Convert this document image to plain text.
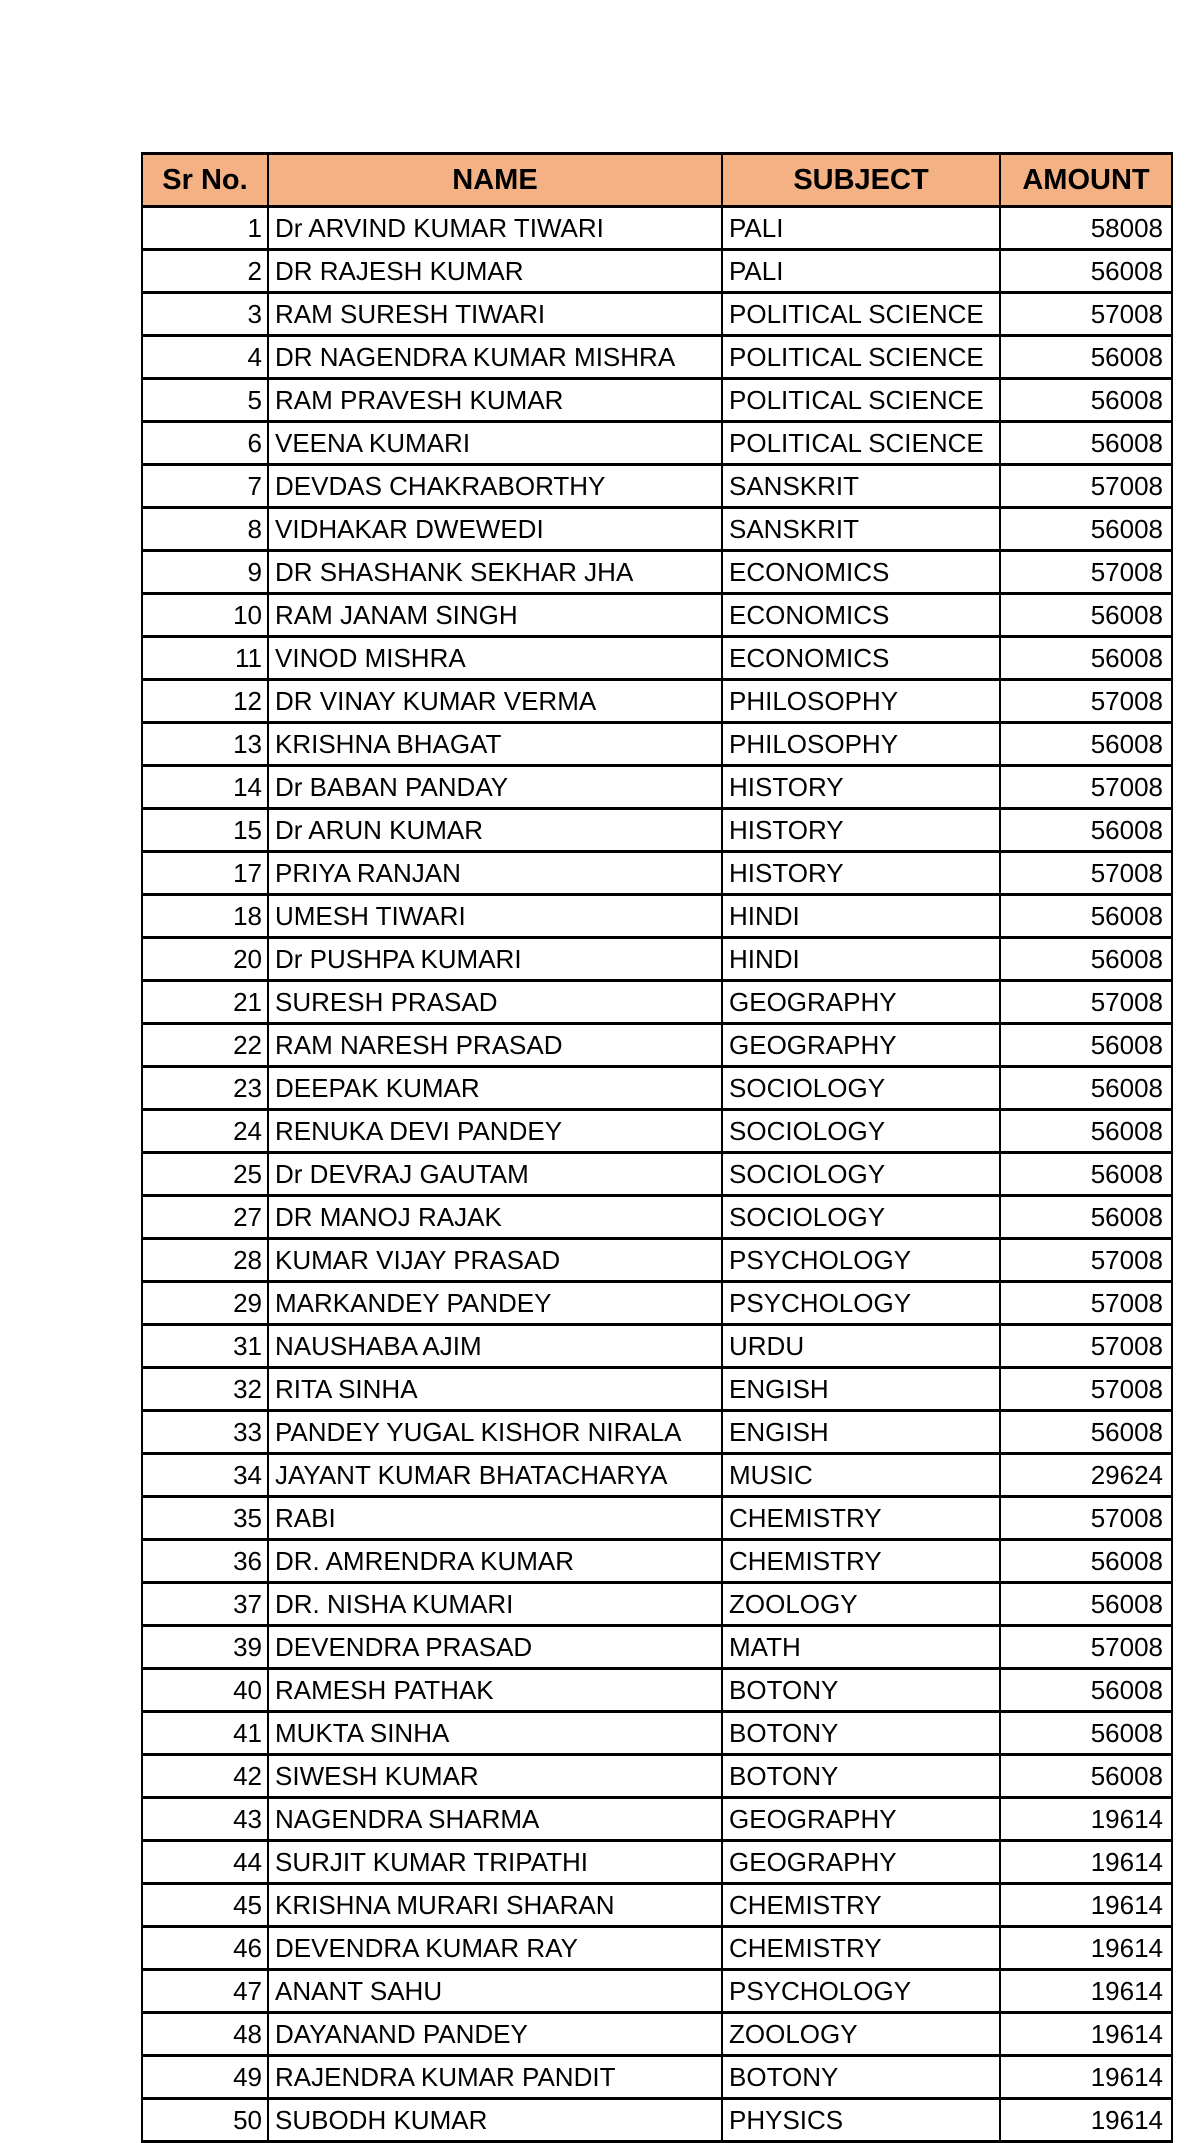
Sr No.	NAME	SUBJECT	AMOUNT
1	Dr ARVIND KUMAR TIWARI	PALI	58008
2	DR RAJESH KUMAR	PALI	56008
3	RAM SURESH TIWARI	POLITICAL SCIENCE	57008
4	DR NAGENDRA KUMAR MISHRA	POLITICAL SCIENCE	56008
5	RAM PRAVESH KUMAR	POLITICAL SCIENCE	56008
6	VEENA KUMARI	POLITICAL SCIENCE	56008
7	DEVDAS CHAKRABORTHY	SANSKRIT	57008
8	VIDHAKAR DWEWEDI	SANSKRIT	56008
9	DR SHASHANK SEKHAR JHA	ECONOMICS	57008
10	RAM JANAM SINGH	ECONOMICS	56008
11	VINOD MISHRA	ECONOMICS	56008
12	DR VINAY KUMAR VERMA	PHILOSOPHY	57008
13	KRISHNA BHAGAT	PHILOSOPHY	56008
14	Dr BABAN PANDAY	HISTORY	57008
15	Dr ARUN KUMAR	HISTORY	56008
17	PRIYA RANJAN	HISTORY	57008
18	UMESH TIWARI	HINDI	56008
20	Dr PUSHPA KUMARI	HINDI	56008
21	SURESH PRASAD	GEOGRAPHY	57008
22	RAM NARESH PRASAD	GEOGRAPHY	56008
23	DEEPAK KUMAR	SOCIOLOGY	56008
24	RENUKA DEVI PANDEY	SOCIOLOGY	56008
25	Dr DEVRAJ GAUTAM	SOCIOLOGY	56008
27	DR MANOJ RAJAK	SOCIOLOGY	56008
28	KUMAR VIJAY PRASAD	PSYCHOLOGY	57008
29	MARKANDEY PANDEY	PSYCHOLOGY	57008
31	NAUSHABA AJIM	URDU	57008
32	RITA SINHA	ENGISH	57008
33	PANDEY YUGAL KISHOR NIRALA	ENGISH	56008
34	JAYANT KUMAR BHATACHARYA	MUSIC	29624
35	RABI	CHEMISTRY	57008
36	DR. AMRENDRA KUMAR	CHEMISTRY	56008
37	DR. NISHA KUMARI	ZOOLOGY	56008
39	DEVENDRA PRASAD	MATH	57008
40	RAMESH PATHAK	BOTONY	56008
41	MUKTA SINHA	BOTONY	56008
42	SIWESH KUMAR	BOTONY	56008
43	NAGENDRA SHARMA	GEOGRAPHY	19614
44	SURJIT KUMAR TRIPATHI	GEOGRAPHY	19614
45	KRISHNA MURARI SHARAN	CHEMISTRY	19614
46	DEVENDRA KUMAR RAY	CHEMISTRY	19614
47	ANANT SAHU	PSYCHOLOGY	19614
48	DAYANAND PANDEY	ZOOLOGY	19614
49	RAJENDRA KUMAR PANDIT	BOTONY	19614
50	SUBODH KUMAR	PHYSICS	19614
